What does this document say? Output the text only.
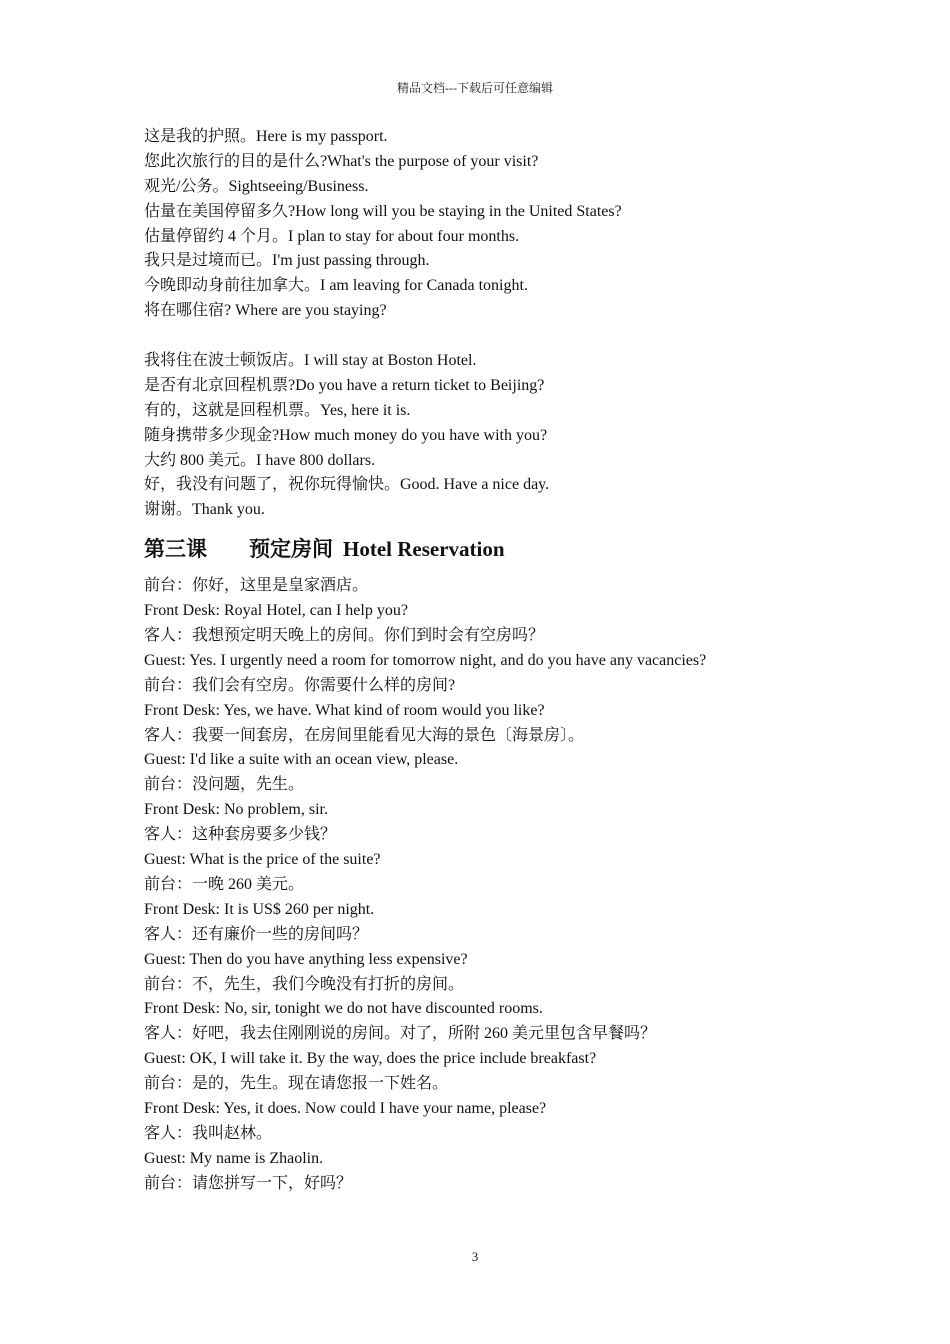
精品文档---下载后可任意编辑
这是我的护照。Here is my passport.
您此次旅行的目的是什么?What's the purpose of your visit?
观光/公务。Sightseeing/Business.
估量在美国停留多久?How long will you be staying in the United States?
估量停留约 4 个月。I plan to stay for about four months.
我只是过境而已。I'm just passing through.
今晚即动身前往加拿大。I am leaving for Canada tonight.
将在哪住宿? Where are you staying?
我将住在波士顿饭店。I will stay at Boston Hotel.
是否有北京回程机票?Do you have a return ticket to Beijing?
有的，这就是回程机票。Yes, here it is.
随身携带多少现金?How much money do you have with you?
大约 800 美元。I have 800 dollars.
好，我没有问题了，祝你玩得愉快。Good. Have a nice day.
谢谢。Thank you.
第三课 预定房间 Hotel Reservation
前台：你好，这里是皇家酒店。
Front Desk: Royal Hotel, can I help you?
客人：我想预定明天晚上的房间。你们到时会有空房吗？
Guest: Yes. I urgently need a room for tomorrow night, and do you have any vacancies?
前台：我们会有空房。你需要什么样的房间?
Front Desk: Yes, we have. What kind of room would you like?
客人：我要一间套房，在房间里能看见大海的景色〔海景房〕。
Guest: I'd like a suite with an ocean view, please.
前台：没问题，先生。
Front Desk: No problem, sir.
客人：这种套房要多少钱？
Guest: What is the price of the suite?
前台：一晚 260 美元。
Front Desk: It is US$ 260 per night.
客人：还有廉价一些的房间吗？
Guest: Then do you have anything less expensive?
前台：不，先生，我们今晚没有打折的房间。
Front Desk: No, sir, tonight we do not have discounted rooms.
客人：好吧，我去住刚刚说的房间。对了，所附 260 美元里包含早餐吗？
Guest: OK, I will take it. By the way, does the price include breakfast?
前台：是的，先生。现在请您报一下姓名。
Front Desk: Yes, it does. Now could I have your name, please?
客人：我叫赵林。
Guest: My name is Zhaolin.
前台：请您拼写一下，好吗？
3
